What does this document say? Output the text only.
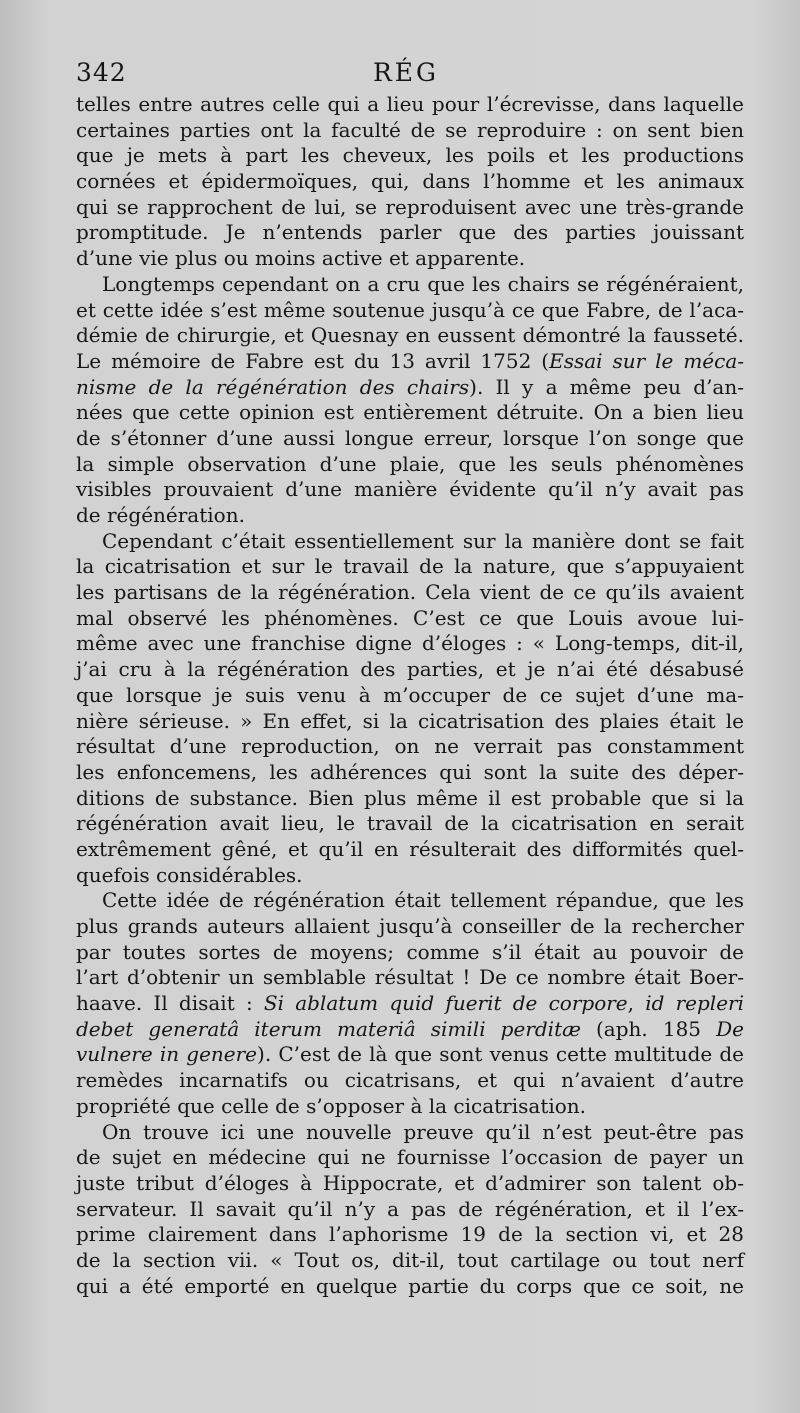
342	RÉG
telles entre autres celle qui a lieu pour l’écrevisse, dans laquelle
certaines parties ont la faculté de se reproduire : on sent bien
que je mets à part les cheveux, les poils et les productions
cornées et épidermoïques, qui, dans l’homme et les animaux
qui se rapprochent de lui, se reproduisent avec une très-grande
promptitude. Je n’entends parler que des parties jouissant
d’une vie plus ou moins active et apparente.
Longtemps cependant on a cru que les chairs se régénéraient,
et cette idée s’est même soutenue jusqu’à ce que Fabre, de l’aca-
démie de chirurgie, et Quesnay en eussent démontré la fausseté.
Le mémoire de Fabre est du 13 avril 1752 (Essai sur le méca-
nisme de la régénération des chairs). Il y a même peu d’an-
nées que cette opinion est entièrement détruite. On a bien lieu
de s’étonner d’une aussi longue erreur, lorsque l’on songe que
la simple observation d’une plaie, que les seuls phénomènes
visibles prouvaient d’une manière évidente qu’il n’y avait pas
de régénération.
Cependant c’était essentiellement sur la manière dont se fait
la cicatrisation et sur le travail de la nature, que s’appuyaient
les partisans de la régénération. Cela vient de ce qu’ils avaient
mal observé les phénomènes. C’est ce que Louis avoue lui-
même avec une franchise digne d’éloges : « Long-temps, dit-il,
j’ai cru à la régénération des parties, et je n’ai été désabusé
que lorsque je suis venu à m’occuper de ce sujet d’une ma-
nière sérieuse. » En effet, si la cicatrisation des plaies était le
résultat d’une reproduction, on ne verrait pas constamment
les enfoncemens, les adhérences qui sont la suite des déper-
ditions de substance. Bien plus même il est probable que si la
régénération avait lieu, le travail de la cicatrisation en serait
extrêmement gêné, et qu’il en résulterait des difformités quel-
quefois considérables.
Cette idée de régénération était tellement répandue, que les
plus grands auteurs allaient jusqu’à conseiller de la rechercher
par toutes sortes de moyens; comme s’il était au pouvoir de
l’art d’obtenir un semblable résultat ! De ce nombre était Boer-
haave. Il disait : Si ablatum quid fuerit de corpore, id repleri
debet generatâ iterum materiâ simili perditæ (aph. 185 De
vulnere in genere). C’est de là que sont venus cette multitude de
remèdes incarnatifs ou cicatrisans, et qui n’avaient d’autre
propriété que celle de s’opposer à la cicatrisation.
On trouve ici une nouvelle preuve qu’il n’est peut-être pas
de sujet en médecine qui ne fournisse l’occasion de payer un
juste tribut d’éloges à Hippocrate, et d’admirer son talent ob-
servateur. Il savait qu’il n’y a pas de régénération, et il l’ex-
prime clairement dans l’aphorisme 19 de la section vi, et 28
de la section vii. « Tout os, dit-il, tout cartilage ou tout nerf
qui a été emporté en quelque partie du corps que ce soit, ne
